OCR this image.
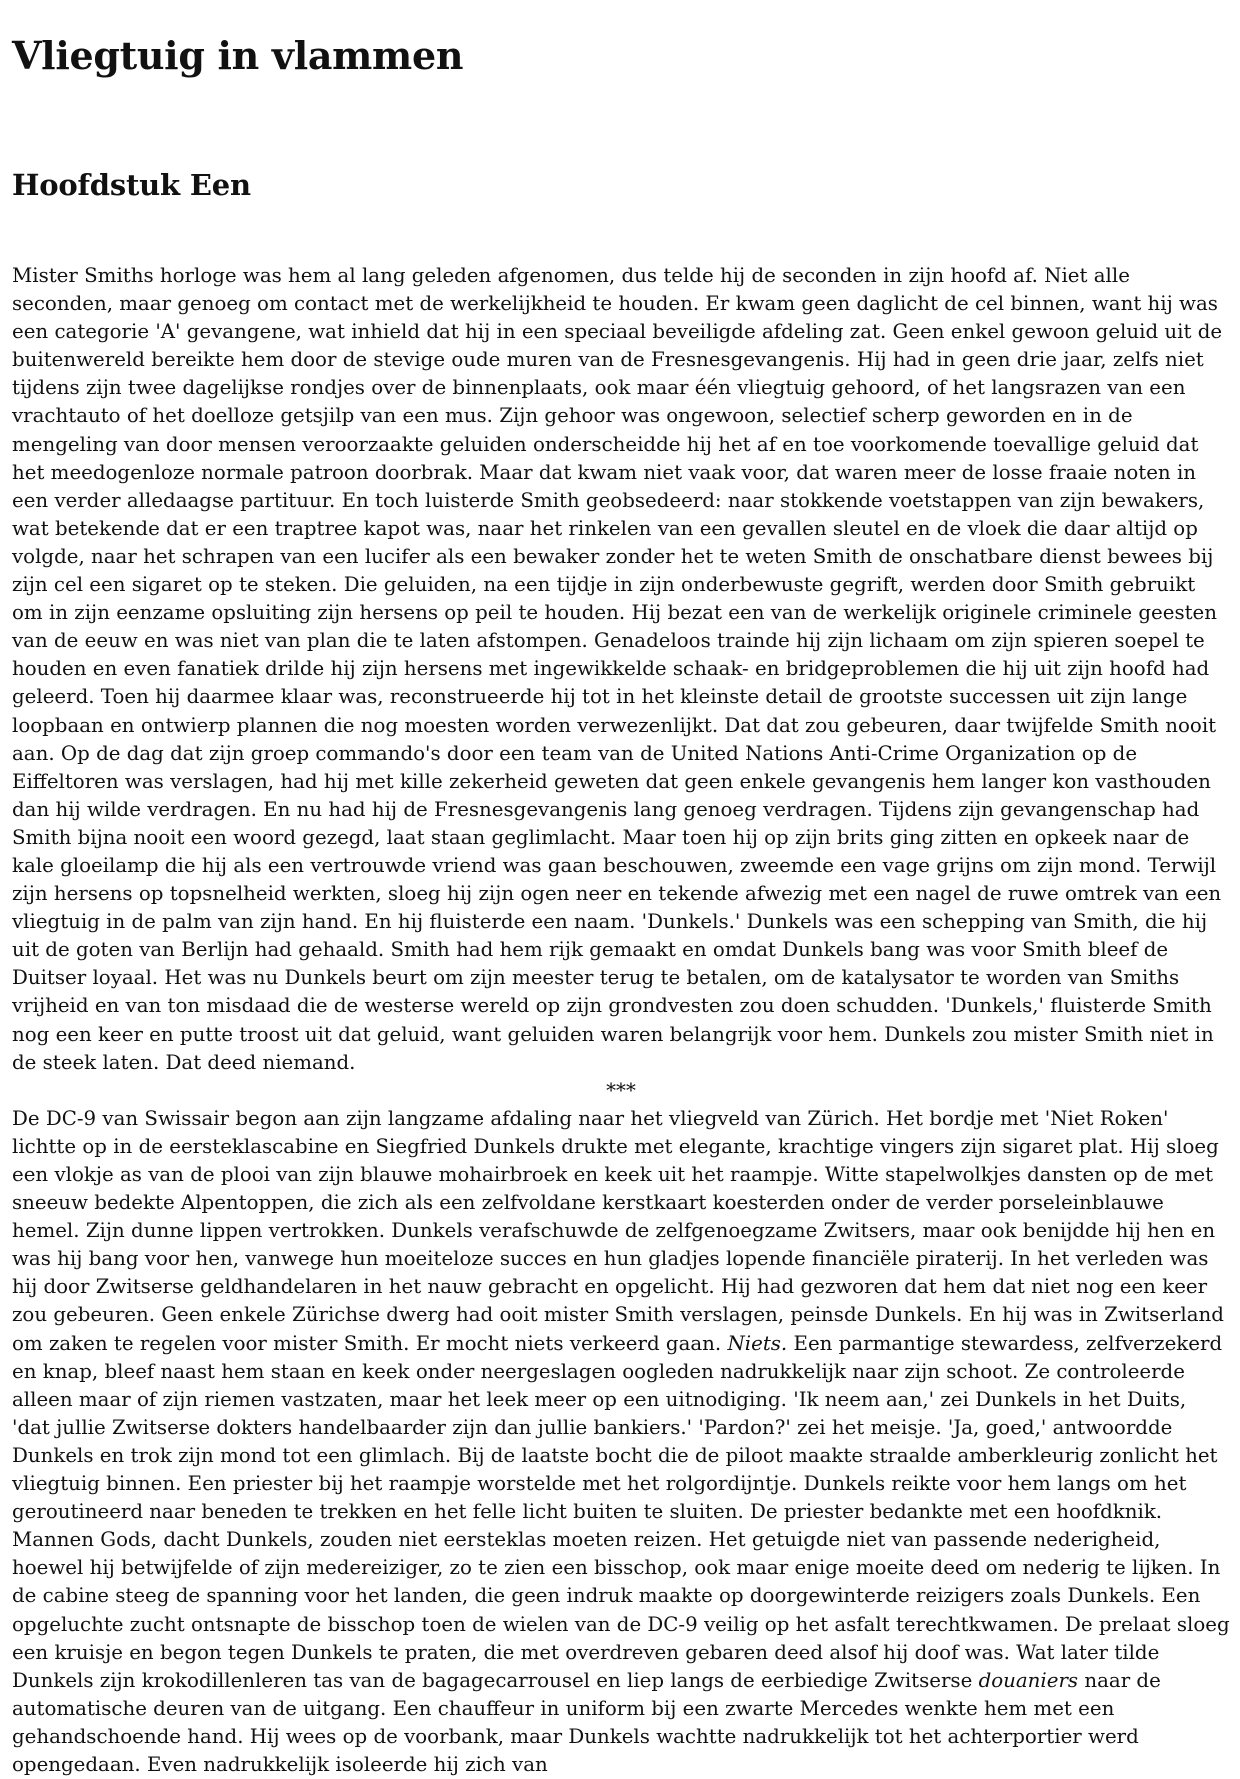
Vliegtuig in vlammen
Hoofdstuk Een

Mister Smiths horloge was hem al lang geleden afgenomen, dus telde hij de seconden in zijn hoofd af. Niet alle seconden, maar genoeg om contact met de werkelijkheid te houden. Er kwam geen daglicht de cel binnen, want hij was een categorie 'A' gevangene, wat inhield dat hij in een speciaal beveiligde afdeling zat. Geen enkel gewoon geluid uit de buitenwereld bereikte hem door de stevige oude muren van de Fresnesgevangenis. Hij had in geen drie jaar, zelfs niet tijdens zijn twee dagelijkse rondjes over de binnenplaats, ook maar één vliegtuig gehoord, of het langsrazen van een vrachtauto of het doelloze getsjilp van een mus. Zijn gehoor was ongewoon, selectief scherp geworden en in de mengeling van door mensen veroorzaakte geluiden onderscheidde hij het af en toe voorkomende toevallige geluid dat het meedogenloze normale patroon doorbrak. Maar dat kwam niet vaak voor, dat waren meer de losse fraaie noten in een verder alledaagse partituur. En toch luisterde Smith geobsedeerd: naar stokkende voetstappen van zijn bewakers, wat betekende dat er een traptree kapot was, naar het rinkelen van een gevallen sleutel en de vloek die daar altijd op volgde, naar het schrapen van een lucifer als een bewaker zonder het te weten Smith de onschatbare dienst bewees bij zijn cel een sigaret op te steken. Die geluiden, na een tijdje in zijn onderbewuste gegrift, werden door Smith gebruikt om in zijn eenzame opsluiting zijn hersens op peil te houden. Hij bezat een van de werkelijk originele criminele geesten van de eeuw en was niet van plan die te laten afstompen. Genadeloos trainde hij zijn lichaam om zijn spieren soepel te houden en even fanatiek drilde hij zijn hersens met ingewikkelde schaak- en bridgeproblemen die hij uit zijn hoofd had geleerd. Toen hij daarmee klaar was, reconstrueerde hij tot in het kleinste detail de grootste successen uit zijn lange loopbaan en ontwierp plannen die nog moesten worden verwezenlijkt. Dat dat zou gebeuren, daar twijfelde Smith nooit aan. Op de dag dat zijn groep commando's door een team van de United Nations Anti-Crime Organization op de Eiffeltoren was verslagen, had hij met kille zekerheid geweten dat geen enkele gevangenis hem langer kon vasthouden dan hij wilde verdragen. En nu had hij de Fresnesgevangenis lang genoeg verdragen. Tijdens zijn gevangenschap had Smith bijna nooit een woord gezegd, laat staan geglimlacht. Maar toen hij op zijn brits ging zitten en opkeek naar de kale gloeilamp die hij als een vertrouwde vriend was gaan beschouwen, zweemde een vage grijns om zijn mond. Terwijl zijn hersens op topsnelheid werkten, sloeg hij zijn ogen neer en tekende afwezig met een nagel de ruwe omtrek van een vliegtuig in de palm van zijn hand. En hij fluisterde een naam. 'Dunkels.' Dunkels was een schepping van Smith, die hij uit de goten van Berlijn had gehaald. Smith had hem rijk gemaakt en omdat Dunkels bang was voor Smith bleef de Duitser loyaal. Het was nu Dunkels beurt om zijn meester terug te betalen, om de katalysator te worden van Smiths vrijheid en van ton misdaad die de westerse wereld op zijn grondvesten zou doen schudden. 'Dunkels,' fluisterde Smith nog een keer en putte troost uit dat geluid, want geluiden waren belangrijk voor hem. Dunkels zou mister Smith niet in de steek laten. Dat deed niemand.

***

De DC-9 van Swissair begon aan zijn langzame afdaling naar het vliegveld van Zürich. Het bordje met 'Niet Roken' lichtte op in de eersteklascabine en Siegfried Dunkels drukte met elegante, krachtige vingers zijn sigaret plat. Hij sloeg een vlokje as van de plooi van zijn blauwe mohairbroek en keek uit het raampje. Witte stapelwolkjes dansten op de met sneeuw bedekte Alpentoppen, die zich als een zelfvoldane kerstkaart koesterden onder de verder porseleinblauwe hemel. Zijn dunne lippen vertrokken. Dunkels verafschuwde de zelfgenoegzame Zwitsers, maar ook benijdde hij hen en was hij bang voor hen, vanwege hun moeiteloze succes en hun gladjes lopende financiële piraterij. In het verleden was hij door Zwitserse geldhandelaren in het nauw gebracht en opgelicht. Hij had gezworen dat hem dat niet nog een keer zou gebeuren. Geen enkele Zürichse dwerg had ooit mister Smith verslagen, peinsde Dunkels. En hij was in Zwitserland om zaken te regelen voor mister Smith. Er mocht niets verkeerd gaan. Niets. Een parmantige stewardess, zelfverzekerd en knap, bleef naast hem staan en keek onder neergeslagen oogleden nadrukkelijk naar zijn schoot. Ze controleerde alleen maar of zijn riemen vastzaten, maar het leek meer op een uitnodiging. 'Ik neem aan,' zei Dunkels in het Duits, 'dat jullie Zwitserse dokters handelbaarder zijn dan jullie bankiers.' 'Pardon?' zei het meisje. 'Ja, goed,' antwoordde Dunkels en trok zijn mond tot een glimlach. Bij de laatste bocht die de piloot maakte straalde amberkleurig zonlicht het vliegtuig binnen. Een priester bij het raampje worstelde met het rolgordijntje. Dunkels reikte voor hem langs om het geroutineerd naar beneden te trekken en het felle licht buiten te sluiten. De priester bedankte met een hoofdknik. Mannen Gods, dacht Dunkels, zouden niet eersteklas moeten reizen. Het getuigde niet van passende nederigheid, hoewel hij betwijfelde of zijn medereiziger, zo te zien een bisschop, ook maar enige moeite deed om nederig te lijken. In de cabine steeg de spanning voor het landen, die geen indruk maakte op doorgewinterde reizigers zoals Dunkels. Een opgeluchte zucht ontsnapte de bisschop toen de wielen van de DC-9 veilig op het asfalt terechtkwamen. De prelaat sloeg een kruisje en begon tegen Dunkels te praten, die met overdreven gebaren deed alsof hij doof was. Wat later tilde Dunkels zijn krokodillenleren tas van de bagagecarrousel en liep langs de eerbiedige Zwitserse douaniers naar de automatische deuren van de uitgang. Een chauffeur in uniform bij een zwarte Mercedes wenkte hem met een gehandschoende hand. Hij wees op de voorbank, maar Dunkels wachtte nadrukkelijk tot het achterportier werd opengedaan. Even nadrukkelijk isoleerde hij zich van
